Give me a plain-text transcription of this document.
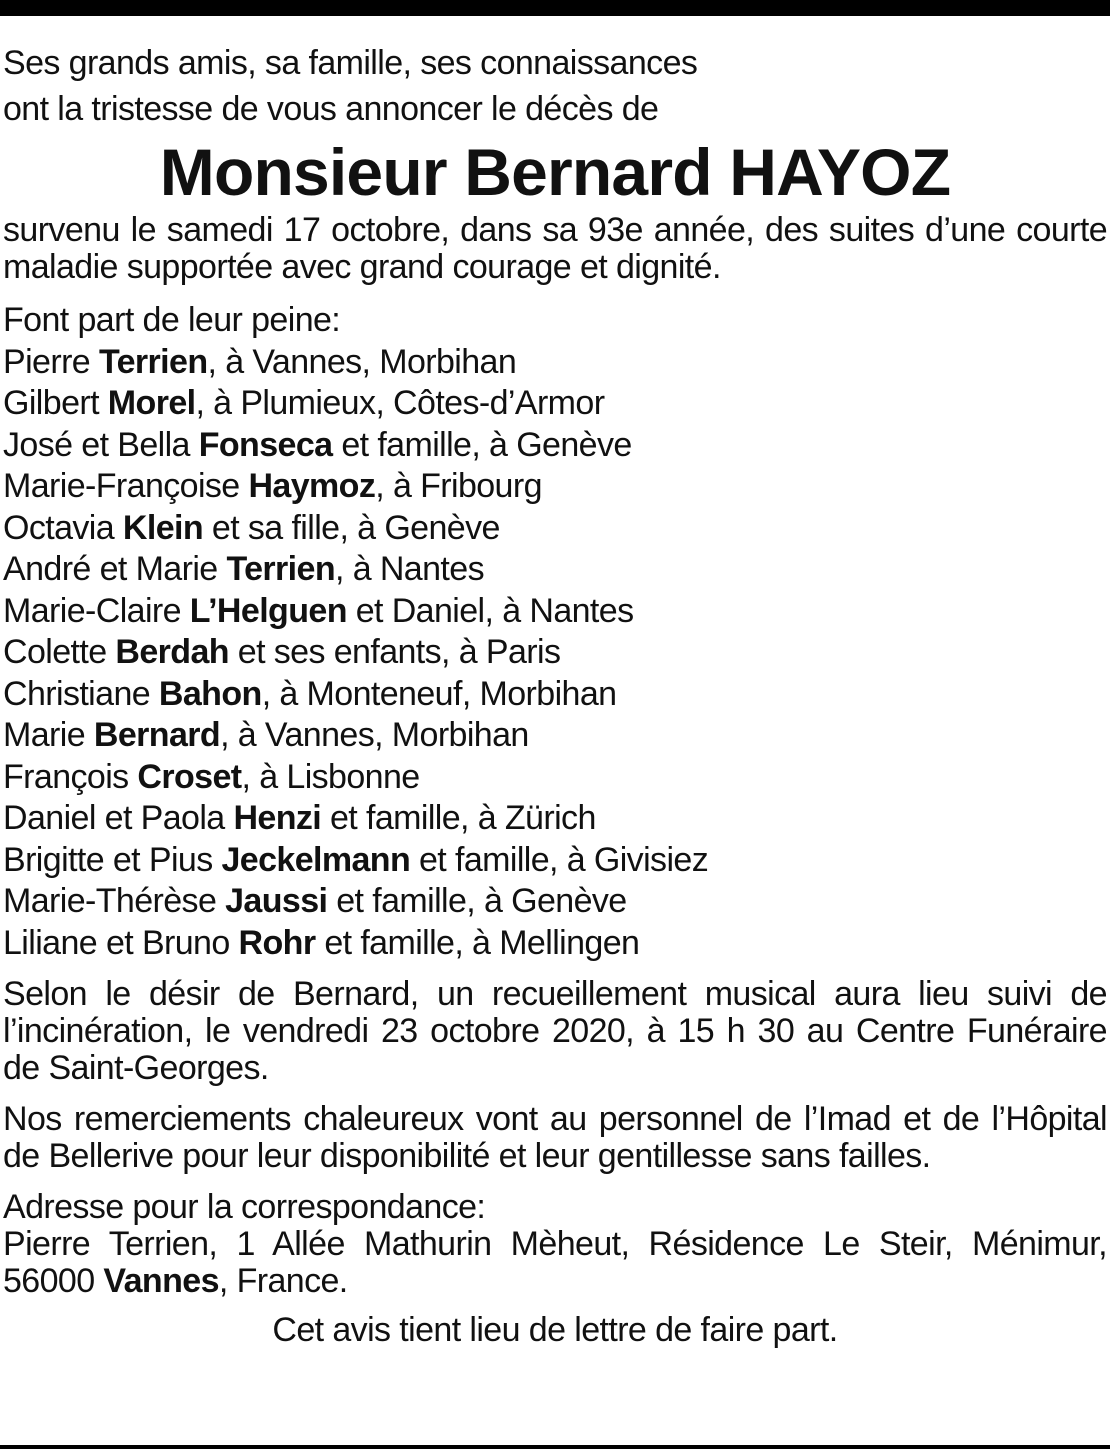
Ses grands amis, sa famille, ses connaissances
ont la tristesse de vous annoncer le décès de
Monsieur Bernard HAYOZ

survenu le samedi 17 octobre, dans sa 93e année, des suites d’une courte maladie supportée avec grand courage et dignité.

Font part de leur peine:
Pierre Terrien, à Vannes, Morbihan
Gilbert Morel, à Plumieux, Côtes-d’Armor
José et Bella Fonseca et famille, à Genève
Marie-Françoise Haymoz, à Fribourg
Octavia Klein et sa fille, à Genève
André et Marie Terrien, à Nantes
Marie-Claire L’Helguen et Daniel, à Nantes
Colette Berdah et ses enfants, à Paris
Christiane Bahon, à Monteneuf, Morbihan
Marie Bernard, à Vannes, Morbihan
François Croset, à Lisbonne
Daniel et Paola Henzi et famille, à Zürich
Brigitte et Pius Jeckelmann et famille, à Givisiez
Marie-Thérèse Jaussi et famille, à Genève
Liliane et Bruno Rohr et famille, à Mellingen

Selon le désir de Bernard, un recueillement musical aura lieu suivi de l’incinération, le vendredi 23 octobre 2020, à 15 h 30 au Centre Funéraire de Saint-Georges.

Nos remerciements chaleureux vont au personnel de l’Imad et de l’Hôpital de Bellerive pour leur disponibilité et leur gentillesse sans failles.

Adresse pour la correspondance:
Pierre Terrien, 1 Allée Mathurin Mèheut, Résidence Le Steir, Ménimur,
56000 Vannes, France.
Cet avis tient lieu de lettre de faire part.
